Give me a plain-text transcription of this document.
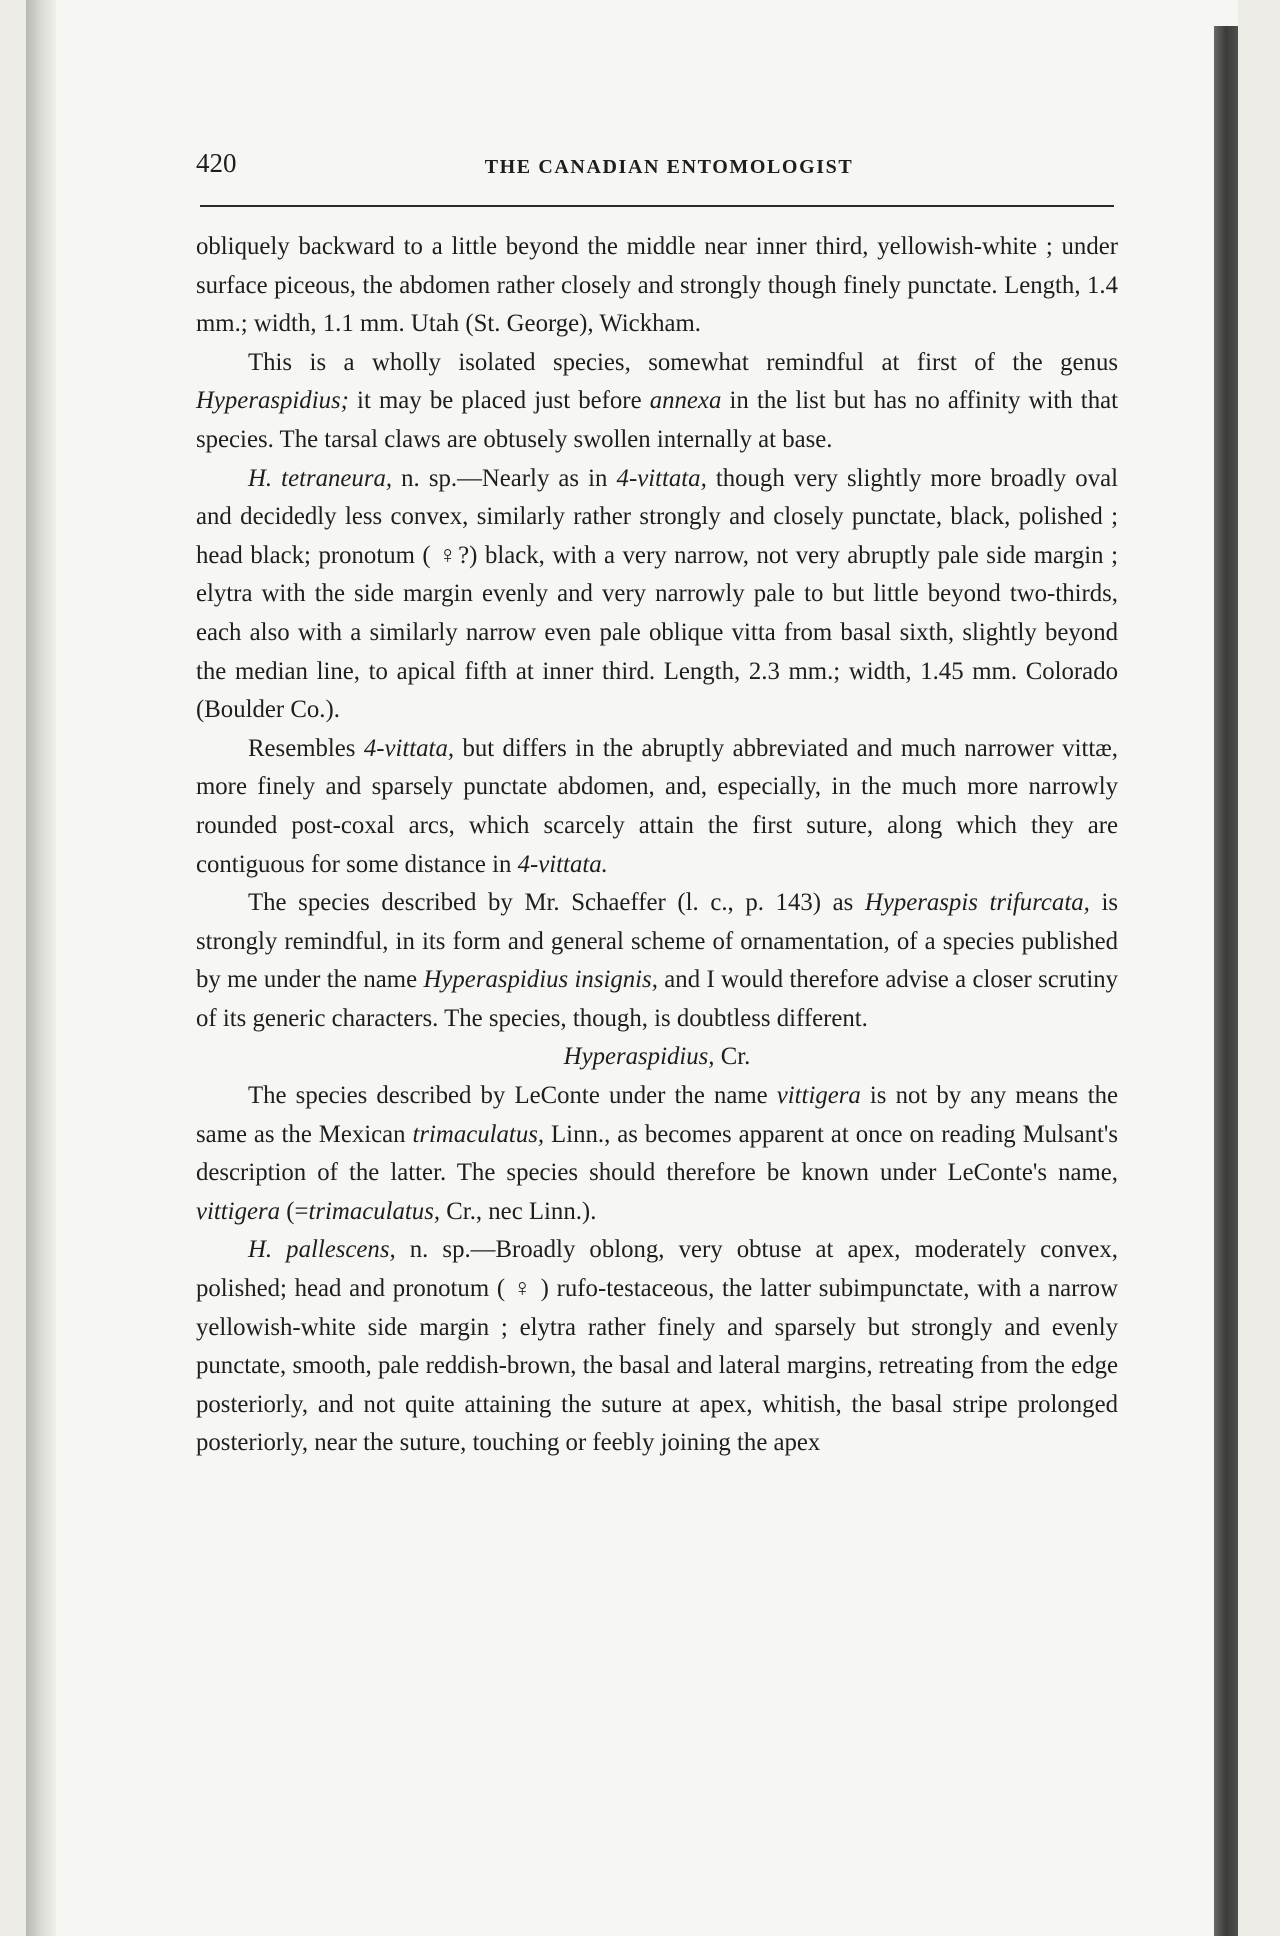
420	THE CANADIAN ENTOMOLOGIST

obliquely backward to a little beyond the middle near inner third, yellowish-white ; under surface piceous, the abdomen rather closely and strongly though finely punctate. Length, 1.4 mm.; width, 1.1 mm. Utah (St. George), Wickham.

This is a wholly isolated species, somewhat remindful at first of the genus Hyperaspidius; it may be placed just before annexa in the list but has no affinity with that species. The tarsal claws are obtusely swollen internally at base.

H. tetraneura, n. sp.—Nearly as in 4-vittata, though very slightly more broadly oval and decidedly less convex, similarly rather strongly and closely punctate, black, polished ; head black; pronotum ( ♀?) black, with a very narrow, not very abruptly pale side margin ; elytra with the side margin evenly and very narrowly pale to but little beyond two-thirds, each also with a similarly narrow even pale oblique vitta from basal sixth, slightly beyond the median line, to apical fifth at inner third. Length, 2.3 mm.; width, 1.45 mm. Colorado (Boulder Co.).

Resembles 4-vittata, but differs in the abruptly abbreviated and much narrower vittæ, more finely and sparsely punctate abdomen, and, especially, in the much more narrowly rounded post-coxal arcs, which scarcely attain the first suture, along which they are contiguous for some distance in 4-vittata.

The species described by Mr. Schaeffer (l. c., p. 143) as Hyperaspis trifurcata, is strongly remindful, in its form and general scheme of ornamentation, of a species published by me under the name Hyperaspidius insignis, and I would therefore advise a closer scrutiny of its generic characters. The species, though, is doubtless different.

Hyperaspidius, Cr.

The species described by LeConte under the name vittigera is not by any means the same as the Mexican trimaculatus, Linn., as becomes apparent at once on reading Mulsant's description of the latter. The species should therefore be known under LeConte's name, vittigera (=trimaculatus, Cr., nec Linn.).

H. pallescens, n. sp.—Broadly oblong, very obtuse at apex, moderately convex, polished; head and pronotum ( ♀ ) rufo-testaceous, the latter subimpunctate, with a narrow yellowish-white side margin ; elytra rather finely and sparsely but strongly and evenly punctate, smooth, pale reddish-brown, the basal and lateral margins, retreating from the edge posteriorly, and not quite attaining the suture at apex, whitish, the basal stripe prolonged posteriorly, near the suture, touching or feebly joining the apex
